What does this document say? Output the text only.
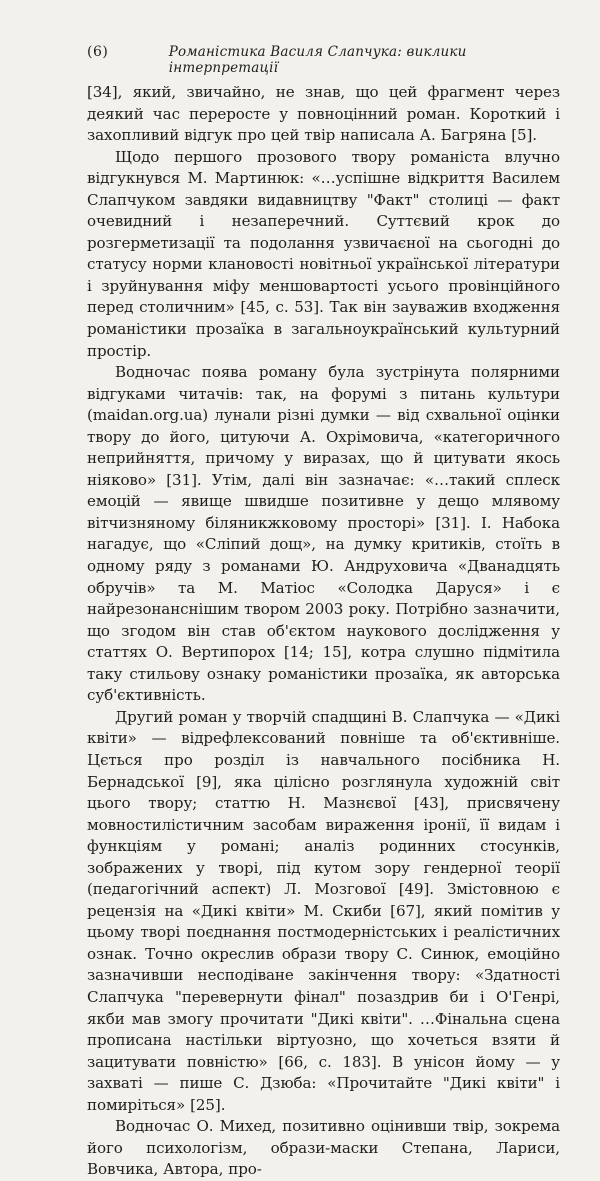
(6)	Романістика Василя Слапчука: виклики інтерпретації

[34], який, звичайно, не знав, що цей фрагмент через деякий час переросте у повноцінний роман. Короткий і захопливий відгук про цей твір написала А. Багряна [5].

Щодо першого прозового твору романіста влучно відгукнувся М. Мартинюк: «…успішне відкриття Василем Слапчуком завдяки видавництву "Факт" столиці — факт очевидний і незаперечний. Суттєвий крок до розгерметизації та подолання узвичаєної на сьогодні до статусу норми клановості новітньої української літератури і зруйнування міфу меншовартості усього провінційного перед столичним» [45, с. 53]. Так він зауважив входження романістики прозаїка в загальноукраїнський культурний простір.

Водночас поява роману була зустрінута полярними відгуками читачів: так, на форумі з питань культури (maidan.org.ua) лунали різні думки — від схвальної оцінки твору до його, цитуючи А. Охрімовича, «категоричного неприйняття, причому у виразах, що й цитувати якось ніяково» [31]. Утім, далі він зазначає: «…такий сплеск емоцій — явище швидше позитивне у дещо млявому вітчизняному біляникжковому просторі» [31]. І. Набока нагадує, що «Сліпий дощ», на думку критиків, стоїть в одному ряду з романами Ю. Андруховича «Дванадцять обручів» та М. Матіос «Солодка Даруся» і є найрезонанснішим твором 2003 року. Потрібно зазначити, що згодом він став об'єктом наукового дослідження у статтях О. Вертипорох [14; 15], котра слушно підмітила таку стильову ознаку романістики прозаїка, як авторська суб'єктивність.

Другий роман у творчій спадщині В. Слапчука — «Дикі квіти» — відрефлексований повніше та об'єктивніше. Цється про розділ із навчального посібника Н. Бернадської [9], яка цілісно розглянула художній світ цього твору; статтю Н. Мазнєвої [43], присвячену мовностилістичним засобам вираження іронії, її видам і функціям у романі; аналіз родинних стосунків, зображених у творі, під кутом зору гендерної теорії (педагогічний аспект) Л. Мозгової [49]. Змістовною є рецензія на «Дикі квіти» М. Скиби [67], який помітив у цьому творі поєднання постмодерністських і реалістичних ознак. Точно окреслив образи твору С. Синюк, емоційно зазначивши несподіване закінчення твору: «Здатності Слапчука "перевернути фінал" позаздрив би і О'Генрі, якби мав змогу прочитати "Дикі квіти". …Фінальна сцена прописана настільки віртуозно, що хочеться взяти й зацитувати повністю» [66, с. 183]. В унісон йому — у захваті — пише С. Дзюба: «Прочитайте "Дикі квіти" і помиріться» [25].

Водночас О. Михед, позитивно оцінивши твір, зокрема його психологізм, образи-маски Степана, Лариси, Вовчика, Автора, про-
